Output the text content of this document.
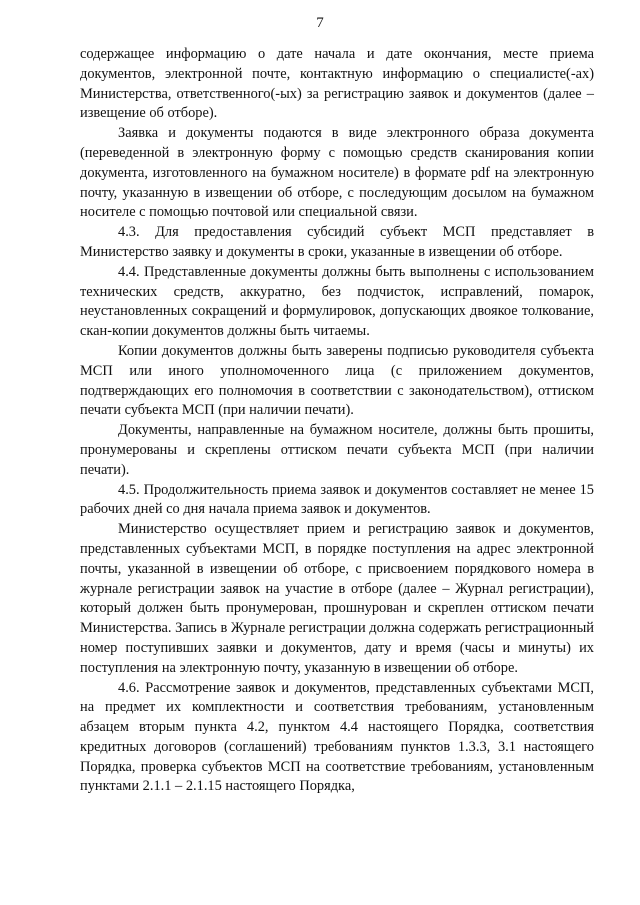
7

содержащее информацию о дате начала и дате окончания, месте приема документов, электронной почте, контактную информацию о специалисте(-ах) Министерства, ответственного(-ых) за регистрацию заявок и документов (далее – извещение об отборе).

Заявка и документы подаются в виде электронного образа документа (переведенной в электронную форму с помощью средств сканирования копии документа, изготовленного на бумажном носителе) в формате pdf на электронную почту, указанную в извещении об отборе, с последующим досылом на бумажном носителе с помощью почтовой или специальной связи.

4.3. Для предоставления субсидий субъект МСП представляет в Министерство заявку и документы в сроки, указанные в извещении об отборе.

4.4. Представленные документы должны быть выполнены с использованием технических средств, аккуратно, без подчисток, исправлений, помарок, неустановленных сокращений и формулировок, допускающих двоякое толкование, скан-копии документов должны быть читаемы.

Копии документов должны быть заверены подписью руководителя субъекта МСП или иного уполномоченного лица (с приложением документов, подтверждающих его полномочия в соответствии с законодательством), оттиском печати субъекта МСП (при наличии печати).

Документы, направленные на бумажном носителе, должны быть прошиты, пронумерованы и скреплены оттиском печати субъекта МСП (при наличии печати).

4.5. Продолжительность приема заявок и документов составляет не менее 15 рабочих дней со дня начала приема заявок и документов.

Министерство осуществляет прием и регистрацию заявок и документов, представленных субъектами МСП, в порядке поступления на адрес электронной почты, указанной в извещении об отборе, с присвоением порядкового номера в журнале регистрации заявок на участие в отборе (далее – Журнал регистрации), который должен быть пронумерован, прошнурован и скреплен оттиском печати Министерства. Запись в Журнале регистрации должна содержать регистрационный номер поступивших заявки и документов, дату и время (часы и минуты) их поступления на электронную почту, указанную в извещении об отборе.

4.6. Рассмотрение заявок и документов, представленных субъектами МСП, на предмет их комплектности и соответствия требованиям, установленным абзацем вторым пункта 4.2, пунктом 4.4 настоящего Порядка, соответствия кредитных договоров (соглашений) требованиям пунктов 1.3.3, 3.1 настоящего Порядка, проверка субъектов МСП на соответствие требованиям, установленным пунктами 2.1.1 – 2.1.15 настоящего Порядка,
